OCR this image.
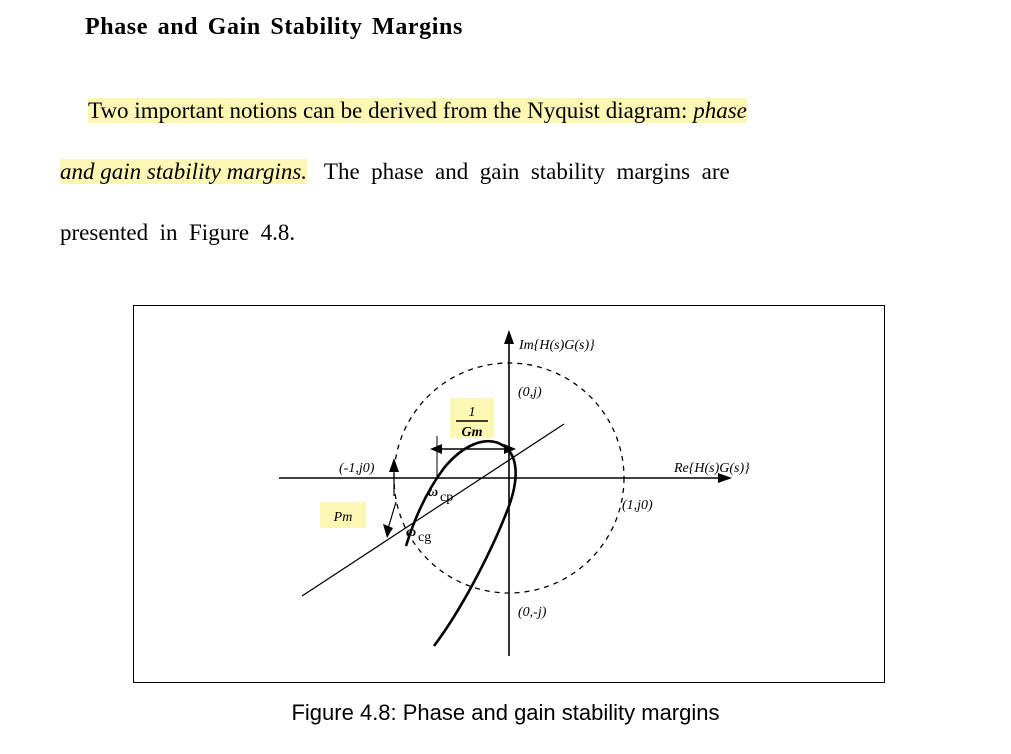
Phase and Gain Stability Margins
Two important notions can be derived from the Nyquist diagram: phase
and gain stability margins.   The  phase  and  gain  stability  margins  are
presented  in  Figure  4.8.
1
Gm
Pm
Im{H(s)G(s)}
Re{H(s)G(s)}
(0,j)
(0,-j)
(1,j0)
(-1,j0)
ω cp
ω cg
Figure 4.8: Phase and gain stability margins
